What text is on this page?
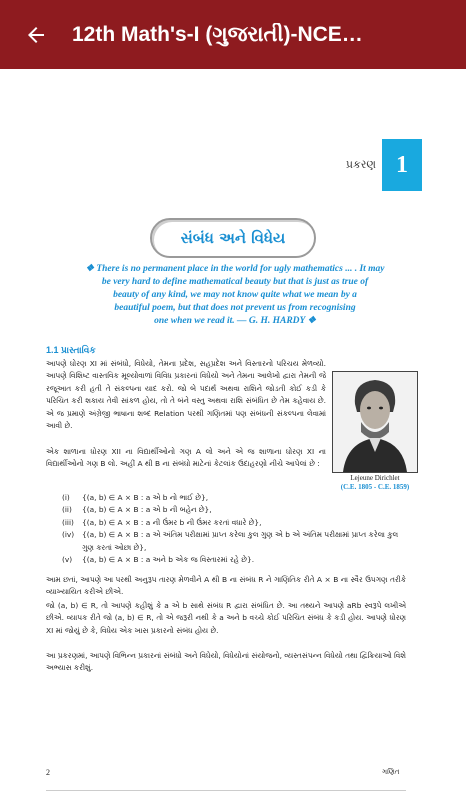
12th Math's-I (ગુજરાતી)-NCE…
પ્રકરણ 1
સંબંધ અને વિધેય
❖ There is no permanent place in the world for ugly mathematics ... . It may
be very hard to define mathematical beauty but that is just as true of
beauty of any kind, we may not know quite what we mean by a
beautiful poem, but that does not prevent us from recognising
one when we read it. — G. H. HARDY ❖
1.1 પ્રાસ્તાવિક
આપણે ધોરણ XI માં સંબંધો, વિધેયો, તેમના પ્રદેશ, સહપ્રદેશ અને વિસ્તારનો પરિચય મેળવ્યો. આપણે વિશિષ્ટ વાસ્તવિક મૂલ્યોવાળાં વિવિધ પ્રકારનાં વિધેયો અને તેમના આલેખો દ્વારા તેમની જે રજૂઆત કરી હતી તે સંકલ્પના યાદ કરો. જો બે પદાર્થ અથવા રાશિને જોડતી કોઈ કડી કે પરિચિત કરી શકાય તેવી સાંકળ હોય, તો તે બંને વસ્તુ અથવા રાશિ સંબંધિત છે તેમ કહેવાય છે. એ જ પ્રમાણે અંગ્રેજી ભાષાના શબ્દ Relation પરથી ગણિતમાં પણ સંબંધની સંકલ્પના લેવામાં આવી છે.
Lejeune Dirichlet
(C.E. 1805 - C.E. 1859)
એક શાળાના ધોરણ XII ના વિદ્યાર્થીઓનો ગણ A લો અને એ જ શાળાના ધોરણ XI ના વિદ્યાર્થીઓનો ગણ B લો. અહીં A થી B ના સંબંધો માટેનાં કેટલાંક ઉદાહરણો નીચે આપેલાં છે :
(i)	{(a, b) ∈ A × B : a એ b નો ભાઈ છે},
(ii)	{(a, b) ∈ A × B : a એ b ની બહેન છે},
(iii)	{(a, b) ∈ A × B : a ની ઉંમર b ની ઉંમર કરતાં વધારે છે},
(iv)	{(a, b) ∈ A × B : a એ અંતિમ પરીક્ષામાં પ્રાપ્ત કરેલા કુલ ગુણ એ b એ અંતિમ પરીક્ષામાં પ્રાપ્ત કરેલા કુલ ગુણ કરતાં ઓછા છે},
(v)	{(a, b) ∈ A × B : a અને b એક જ વિસ્તારમાં રહે છે}.
આમ છતાં, આપણે આ પરથી અનુરૂપ તારણ મેળવીને A થી B ના સંબંધ R ને ગાણિતિક રીતે A × B ના સ્વૈર ઉપગણ તરીકે વ્યાખ્યાયિત કરીએ છીએ.
જો (a, b) ∈ R, તો આપણે કહીશું કે a એ b સાથે સંબંધ R દ્વારા સંબંધિત છે. આ તથ્યને આપણે aRb સ્વરૂપે લખીએ છીએ. વ્યાપક રીતે જો (a, b) ∈ R, તો એ જરૂરી નથી કે a અને b વચ્ચે કોઈ પરિચિત સંબંધ કે કડી હોય. આપણે ધોરણ XI માં જોયું છે કે, વિધેય એક ખાસ પ્રકારનો સંબંધ હોય છે.
આ પ્રકરણમાં, આપણે વિભિન્ન પ્રકારનાં સંબંધો અને વિધેયો, વિધેયોનાં સંયોજનો, વ્યસ્તસંપન્ન વિધેયો તથા દ્વિક્રિયાઓ વિશે અભ્યાસ કરીશું.
2	ગણિત
